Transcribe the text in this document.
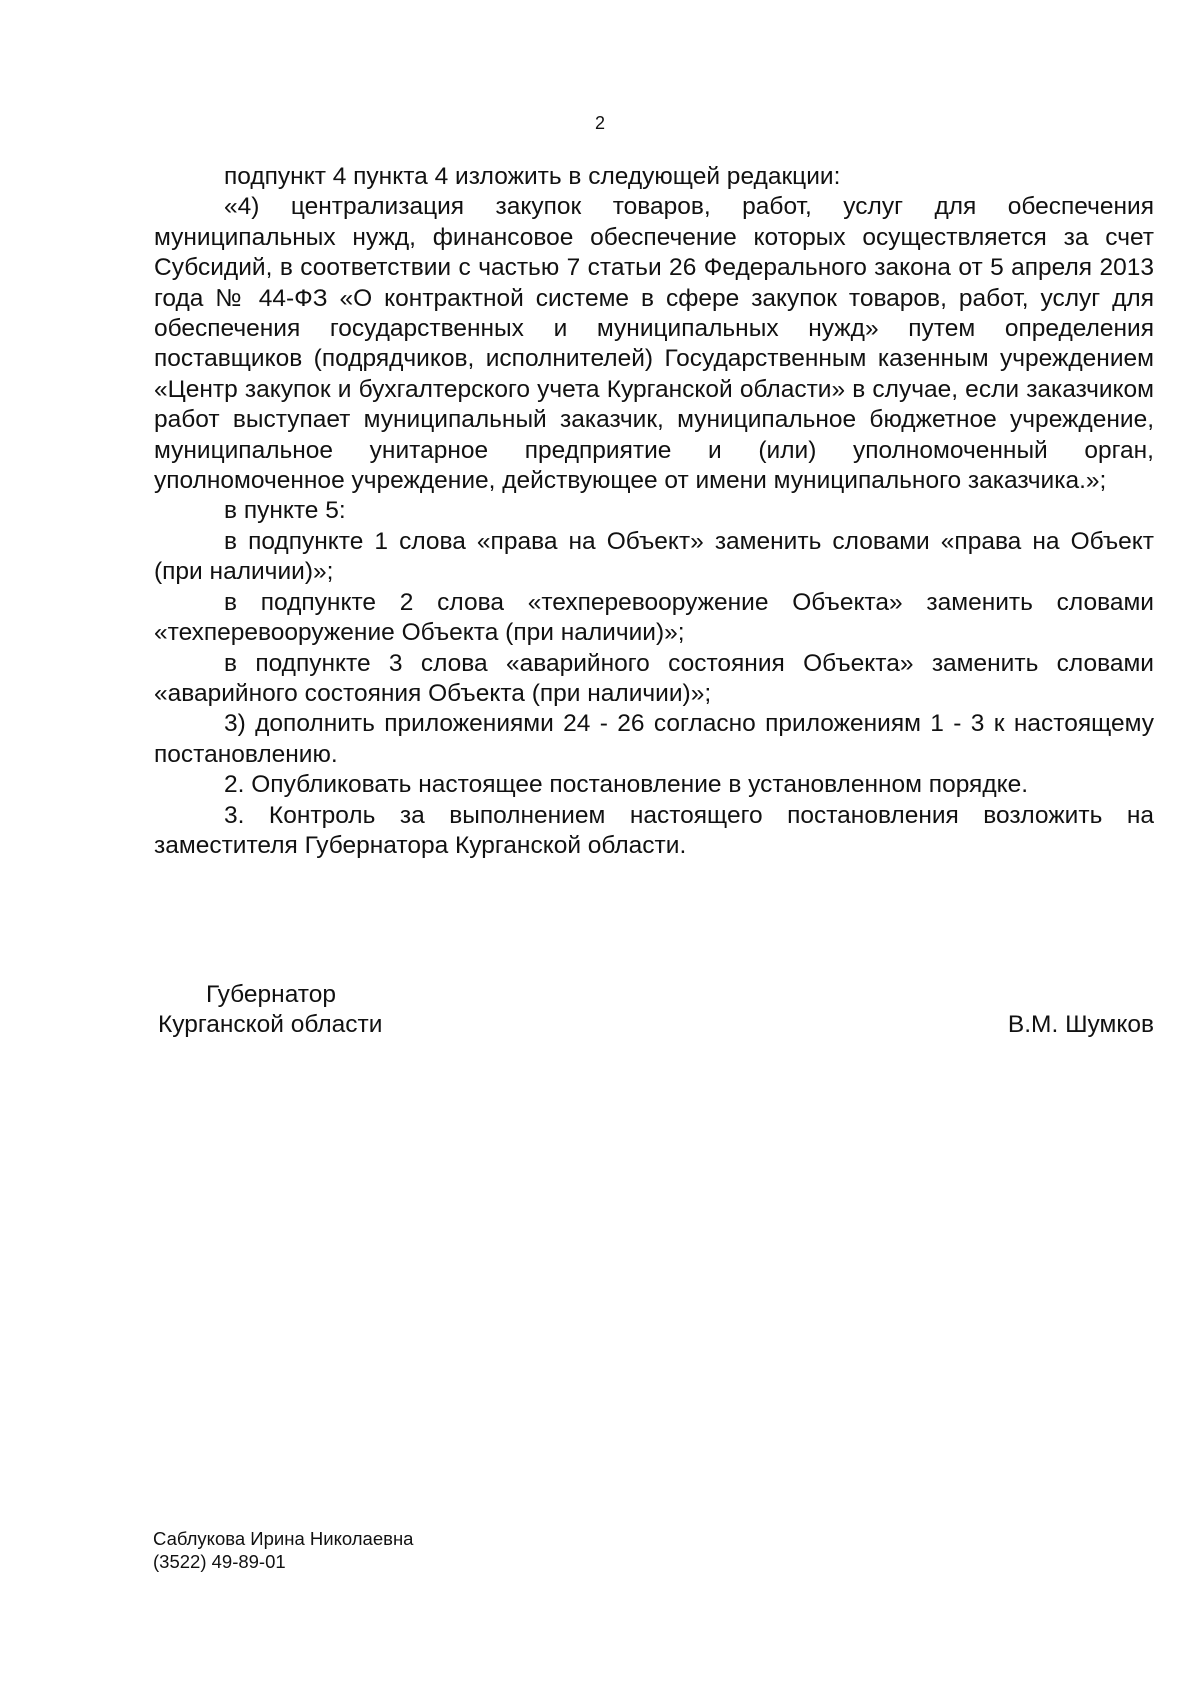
2

подпункт 4 пункта 4 изложить в следующей редакции:

«4) централизация закупок товаров, работ, услуг для обеспечения муниципальных нужд, финансовое обеспечение которых осуществляется за счет Субсидий, в соответствии с частью 7 статьи 26 Федерального закона от 5 апреля 2013 года № 44-ФЗ «О контрактной системе в сфере закупок товаров, работ, услуг для обеспечения государственных и муниципальных нужд» путем определения поставщиков (подрядчиков, исполнителей) Государственным казенным учреждением «Центр закупок и бухгалтерского учета Курганской области» в случае, если заказчиком работ выступает муниципальный заказчик, муниципальное бюджетное учреждение, муниципальное унитарное предприятие и (или) уполномоченный орган, уполномоченное учреждение, действующее от имени муниципального заказчика.»;

в пункте 5:

в подпункте 1 слова «права на Объект» заменить словами «права на Объект (при наличии)»;

в подпункте 2 слова «техперевооружение Объекта» заменить словами «техперевооружение Объекта (при наличии)»;

в подпункте 3 слова «аварийного состояния Объекта» заменить словами «аварийного состояния Объекта (при наличии)»;

3) дополнить приложениями 24 - 26 согласно приложениям 1 - 3 к настоящему постановлению.

2. Опубликовать настоящее постановление в установленном порядке.

3. Контроль за выполнением настоящего постановления возложить на заместителя Губернатора Курганской области.

Губернатор
Курганской области	В.М. Шумков
Саблукова Ирина Николаевна
(3522) 49-89-01
